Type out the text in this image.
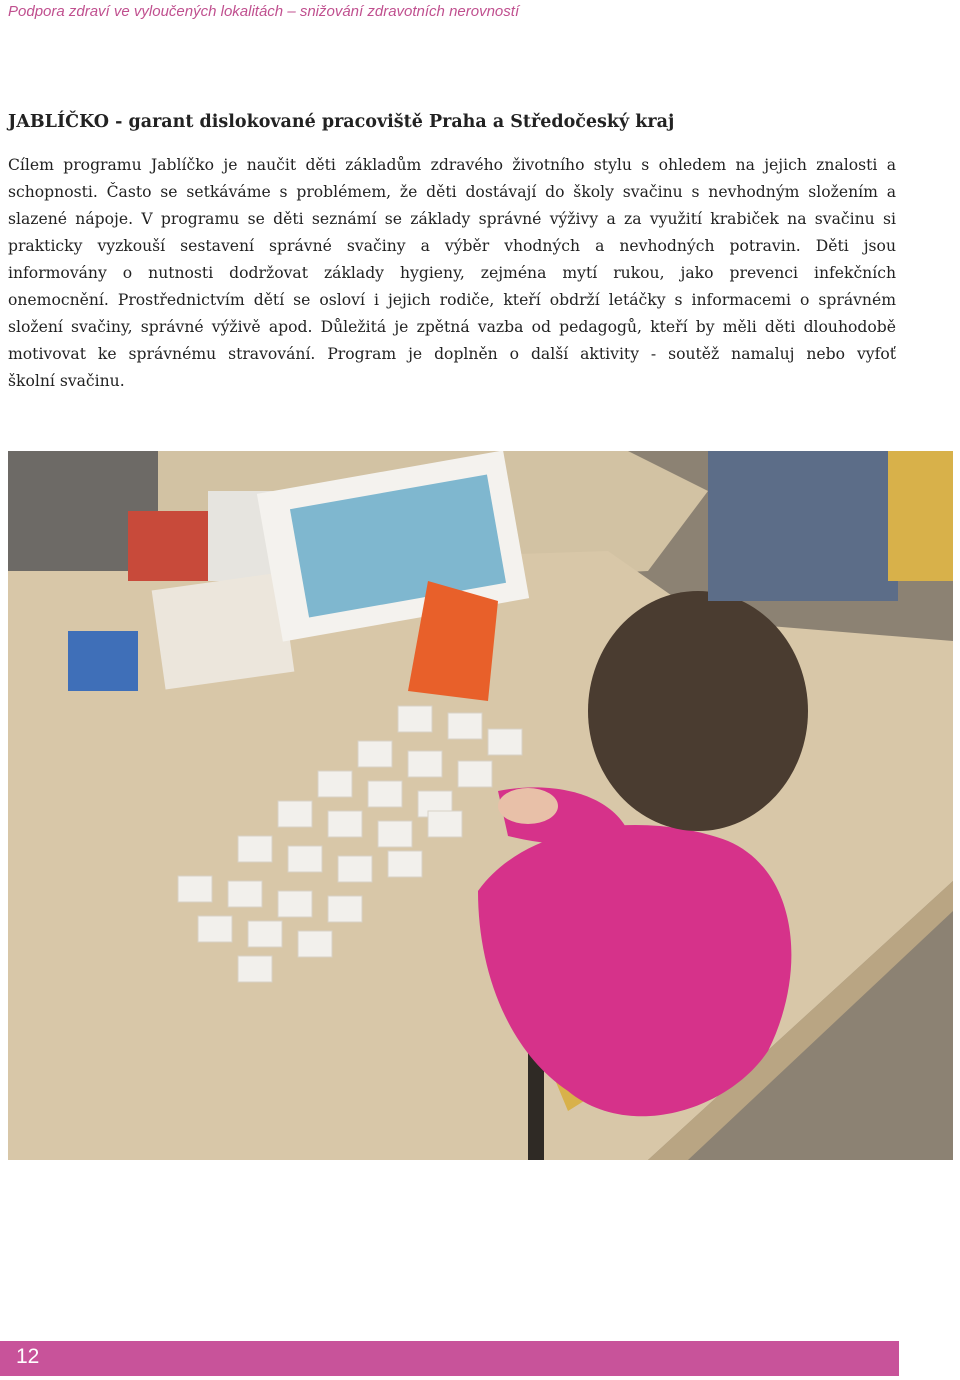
Podpora zdraví ve vyloučených lokalitách – snižování zdravotních nerovností
JABLÍČKO - garant dislokované pracoviště Praha a Středočeský kraj
Cílem programu Jablíčko je naučit děti základům zdravého životního stylu s ohledem na jejich znalosti a
schopnosti. Často se setkáváme s problémem, že děti dostávají do školy svačinu s nevhodným složením a
slazené nápoje. V programu se děti seznámí se základy správné výživy a za využití krabiček na svačinu si
prakticky vyzkouší sestavení správné svačiny a výběr vhodných a nevhodných potravin. Děti jsou
informovány o nutnosti dodržovat základy hygieny, zejména mytí rukou, jako prevenci infekčních
onemocnění. Prostřednictvím dětí se osloví i jejich rodiče, kteří obdrží letáčky s informacemi o správném
složení svačiny, správné výživě apod. Důležitá je zpětná vazba od pedagogů, kteří by měli děti dlouhodobě
motivovat ke správnému stravování. Program je doplněn o další aktivity - soutěž namaluj nebo vyfoť
školní svačinu.
12
